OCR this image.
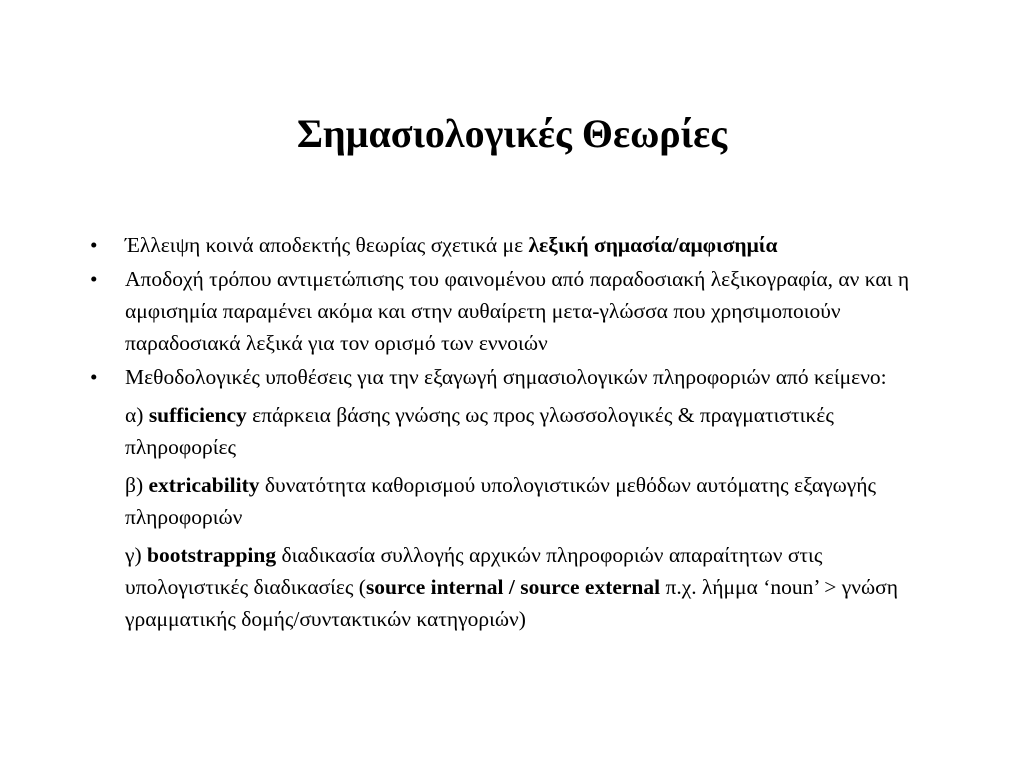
Σημασιολογικές Θεωρίες
•	Έλλειψη κοινά αποδεκτής θεωρίας σχετικά με λεξική σημασία/αμφισημία
•	Αποδοχή τρόπου αντιμετώπισης του φαινομένου από παραδοσιακή λεξικογραφία, αν και η αμφισημία παραμένει ακόμα και στην αυθαίρετη μετα-γλώσσα που χρησιμοποιούν παραδοσιακά λεξικά για τον ορισμό των εννοιών
•	Μεθοδολογικές υποθέσεις για την εξαγωγή σημασιολογικών πληροφοριών από κείμενο:
α) sufficiency επάρκεια βάσης γνώσης ως προς γλωσσολογικές & πραγματιστικές πληροφορίες
β) extricability δυνατότητα καθορισμού υπολογιστικών μεθόδων αυτόματης εξαγωγής πληροφοριών
γ) bootstrapping διαδικασία συλλογής αρχικών πληροφοριών απαραίτητων στις υπολογιστικές διαδικασίες (source internal / source external π.χ. λήμμα ‘noun’ > γνώση γραμματικής δομής/συντακτικών κατηγοριών)
